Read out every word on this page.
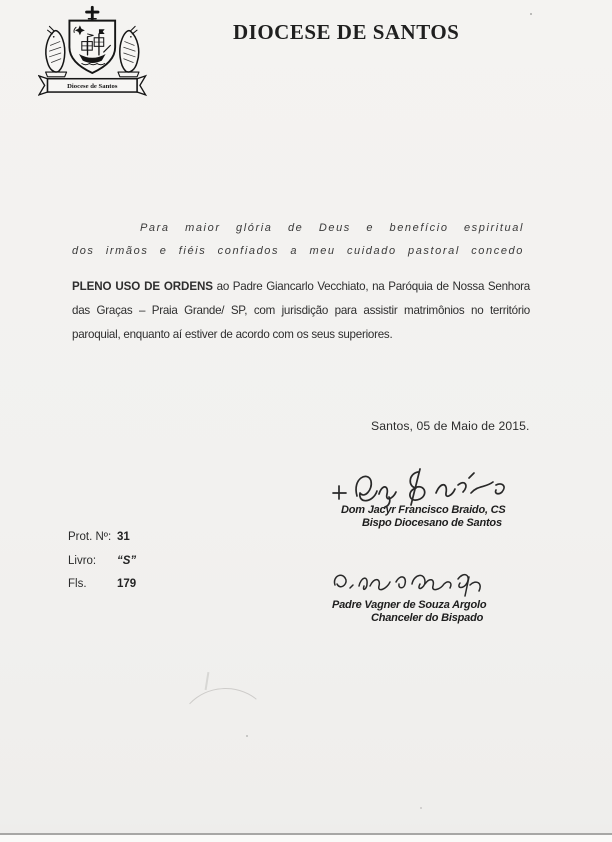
Diocese de Santos
DIOCESE DE SANTOS
Para maior glória de Deus e benefício espiritual
dos irmãos e fiéis confiados a meu cuidado pastoral concedo
PLENO USO DE ORDENS ao Padre Giancarlo Vecchiato, na Paróquia de Nossa Senhora
das Graças – Praia Grande/ SP, com jurisdição para assistir matrimônios no território
paroquial, enquanto aí estiver de acordo com os seus superiores.
Santos, 05 de Maio de 2015.
Dom Jacyr Francisco Braido, CS
Bispo Diocesano de Santos
Padre Vagner de Souza Argolo
Chanceler do Bispado
Prot. Nº: 31
Livro: “S”
Fls.	179
